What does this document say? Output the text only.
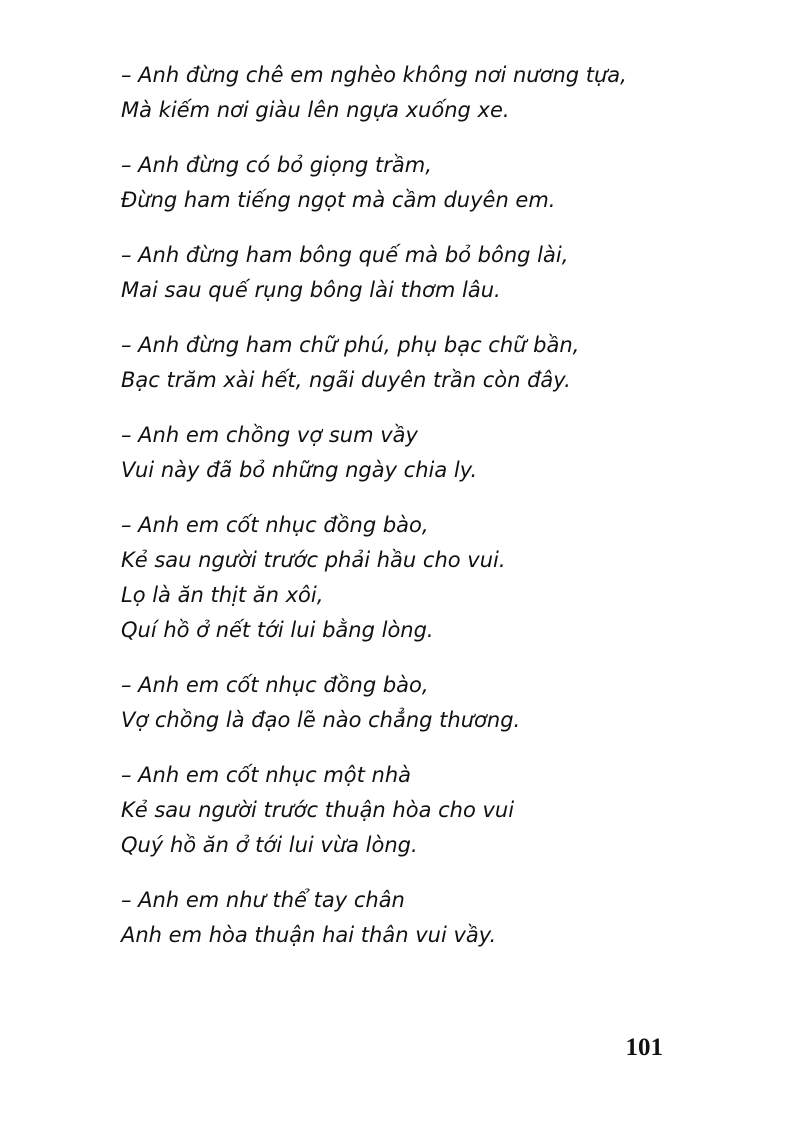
– Anh đừng chê em nghèo không nơi nương tựa,
Mà kiếm nơi giàu lên ngựa xuống xe.
– Anh đừng có bỏ giọng trầm,
Đừng ham tiếng ngọt mà cầm duyên em.
– Anh đừng ham bông quế mà bỏ bông lài,
Mai sau quế rụng bông lài thơm lâu.
– Anh đừng ham chữ phú, phụ bạc chữ bần,
Bạc trăm xài hết, ngãi duyên trần còn đây.
– Anh em chồng vợ sum vầy
Vui này đã bỏ những ngày chia ly.
– Anh em cốt nhục đồng bào,
Kẻ sau người trước phải hầu cho vui.
Lọ là ăn thịt ăn xôi,
Quí hồ ở nết tới lui bằng lòng.
– Anh em cốt nhục đồng bào,
Vợ chồng là đạo lẽ nào chẳng thương.
– Anh em cốt nhục một nhà
Kẻ sau người trước thuận hòa cho vui
Quý hồ ăn ở tới lui vừa lòng.
– Anh em như thể tay chân
Anh em hòa thuận hai thân vui vầy.
101
